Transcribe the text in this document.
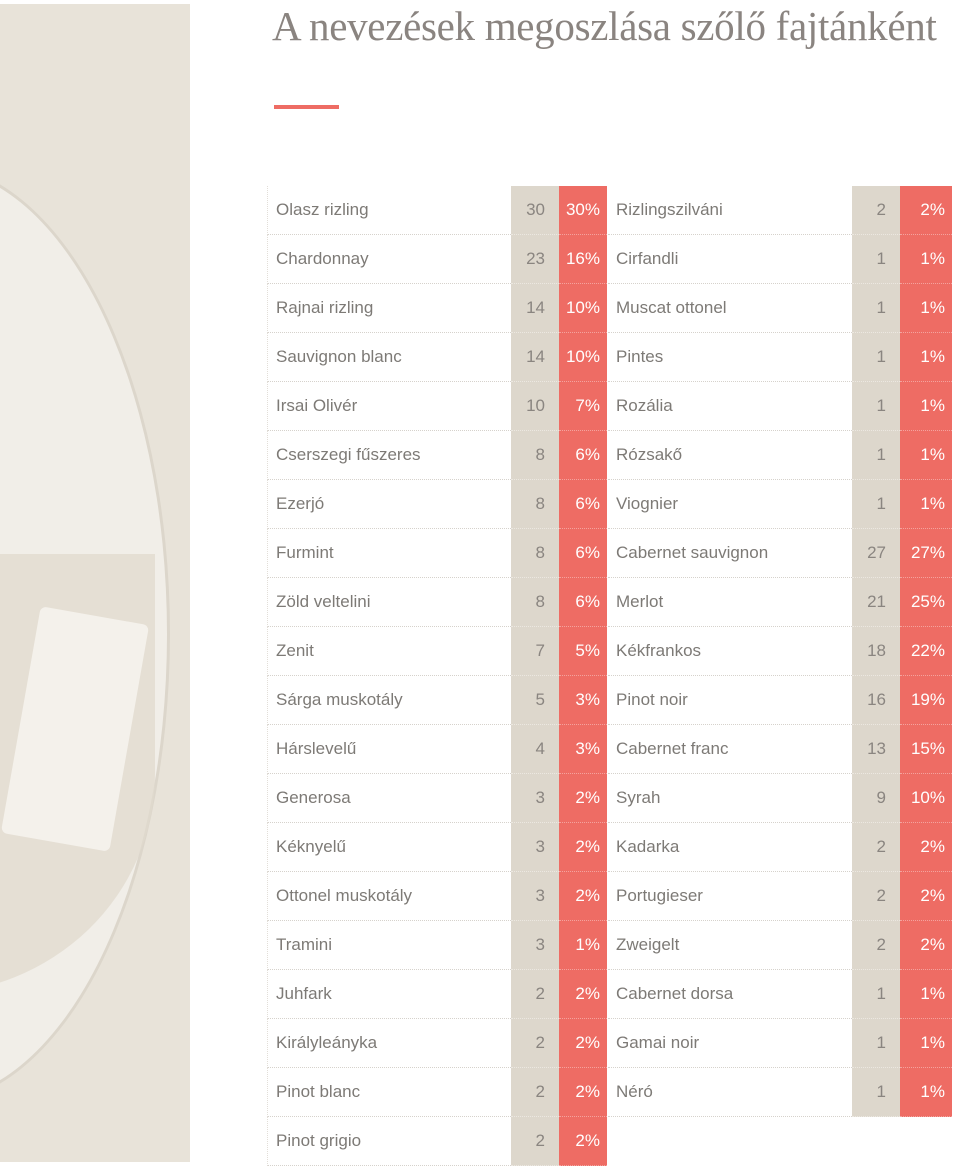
A nevezések megoszlása szőlő fajtánként
Olasz rizling	30	30%
Chardonnay	23	16%
Rajnai rizling	14	10%
Sauvignon blanc	14	10%
Irsai Olivér	10	7%
Cserszegi fűszeres	8	6%
Ezerjó	8	6%
Furmint	8	6%
Zöld veltelini	8	6%
Zenit	7	5%
Sárga muskotály	5	3%
Hárslevelű	4	3%
Generosa	3	2%
Kéknyelű	3	2%
Ottonel muskotály	3	2%
Tramini	3	1%
Juhfark	2	2%
Királyleányka	2	2%
Pinot blanc	2	2%
Pinot grigio	2	2%
Rizlingszilváni	2	2%
Cirfandli	1	1%
Muscat ottonel	1	1%
Pintes	1	1%
Rozália	1	1%
Rózsakő	1	1%
Viognier	1	1%
Cabernet sauvignon	27	27%
Merlot	21	25%
Kékfrankos	18	22%
Pinot noir	16	19%
Cabernet franc	13	15%
Syrah	9	10%
Kadarka	2	2%
Portugieser	2	2%
Zweigelt	2	2%
Cabernet dorsa	1	1%
Gamai noir	1	1%
Néró	1	1%
